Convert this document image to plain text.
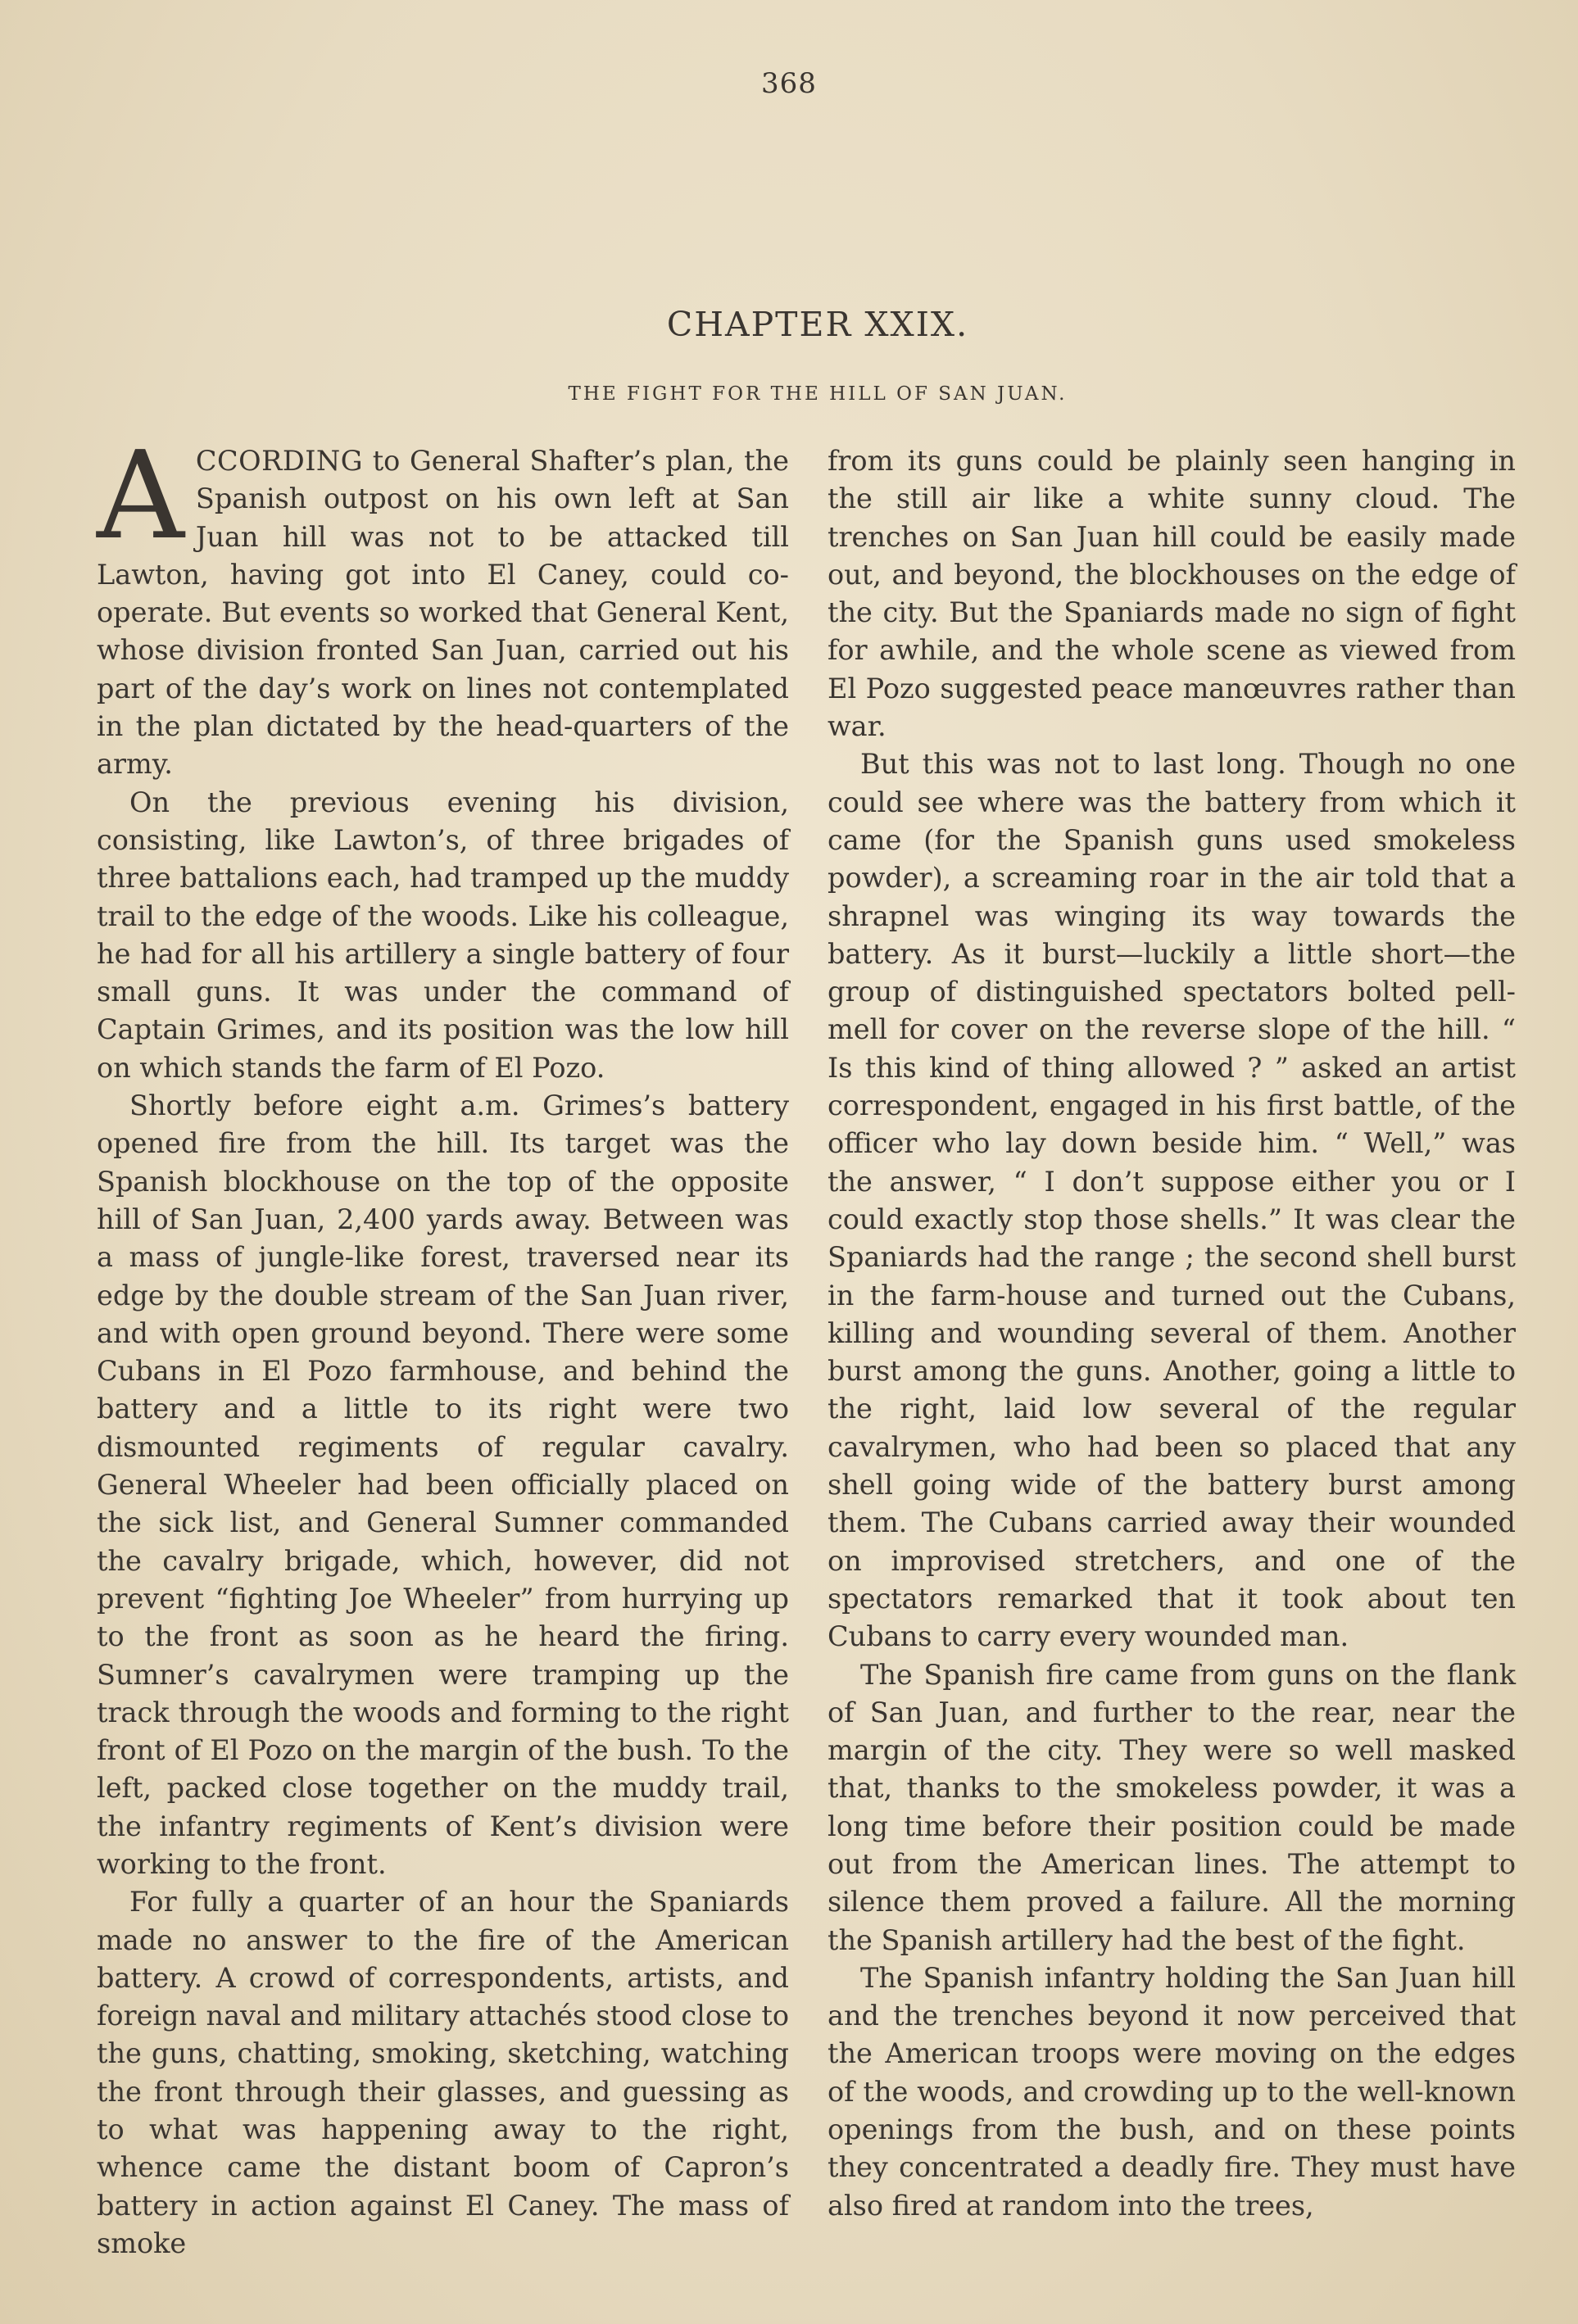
368
CHAPTER XXIX.
THE FIGHT FOR THE HILL OF SAN JUAN.

ACCORDING to General Shafter’s plan, the Spanish outpost on his own left at San Juan hill was not to be attacked till Lawton, having got into El Caney, could co-operate. But events so worked that General Kent, whose division fronted San Juan, carried out his part of the day’s work on lines not contemplated in the plan dictated by the head-quarters of the army.

On the previous evening his division, consisting, like Lawton’s, of three brigades of three battalions each, had tramped up the muddy trail to the edge of the woods. Like his colleague, he had for all his artillery a single battery of four small guns. It was under the command of Captain Grimes, and its position was the low hill on which stands the farm of El Pozo.

Shortly before eight a.m. Grimes’s battery opened fire from the hill. Its target was the Spanish blockhouse on the top of the opposite hill of San Juan, 2,400 yards away. Between was a mass of jungle-like forest, traversed near its edge by the double stream of the San Juan river, and with open ground beyond. There were some Cubans in El Pozo farmhouse, and behind the battery and a little to its right were two dismounted regiments of regular cavalry. General Wheeler had been officially placed on the sick list, and General Sumner commanded the cavalry brigade, which, however, did not prevent “fighting Joe Wheeler” from hurrying up to the front as soon as he heard the firing. Sumner’s cavalrymen were tramping up the track through the woods and forming to the right front of El Pozo on the margin of the bush. To the left, packed close together on the muddy trail, the infantry regiments of Kent’s division were working to the front.

For fully a quarter of an hour the Spaniards made no answer to the fire of the American battery. A crowd of correspondents, artists, and foreign naval and military attachés stood close to the guns, chatting, smoking, sketching, watching the front through their glasses, and guessing as to what was happening away to the right, whence came the distant boom of Capron’s battery in action against El Caney. The mass of smoke

from its guns could be plainly seen hanging in the still air like a white sunny cloud. The trenches on San Juan hill could be easily made out, and beyond, the blockhouses on the edge of the city. But the Spaniards made no sign of fight for awhile, and the whole scene as viewed from El Pozo suggested peace manœuvres rather than war.

But this was not to last long. Though no one could see where was the battery from which it came (for the Spanish guns used smokeless powder), a screaming roar in the air told that a shrapnel was winging its way towards the battery. As it burst—luckily a little short—the group of distinguished spectators bolted pell-mell for cover on the reverse slope of the hill. “ Is this kind of thing allowed ? ” asked an artist correspondent, engaged in his first battle, of the officer who lay down beside him. “ Well,” was the answer, “ I don’t suppose either you or I could exactly stop those shells.” It was clear the Spaniards had the range ; the second shell burst in the farm-house and turned out the Cubans, killing and wounding several of them. Another burst among the guns. Another, going a little to the right, laid low several of the regular cavalrymen, who had been so placed that any shell going wide of the battery burst among them. The Cubans carried away their wounded on improvised stretchers, and one of the spectators remarked that it took about ten Cubans to carry every wounded man.

The Spanish fire came from guns on the flank of San Juan, and further to the rear, near the margin of the city. They were so well masked that, thanks to the smokeless powder, it was a long time before their position could be made out from the American lines. The attempt to silence them proved a failure. All the morning the Spanish artillery had the best of the fight.

The Spanish infantry holding the San Juan hill and the trenches beyond it now perceived that the American troops were moving on the edges of the woods, and crowding up to the well-known openings from the bush, and on these points they concentrated a deadly fire. They must have also fired at random into the trees,
